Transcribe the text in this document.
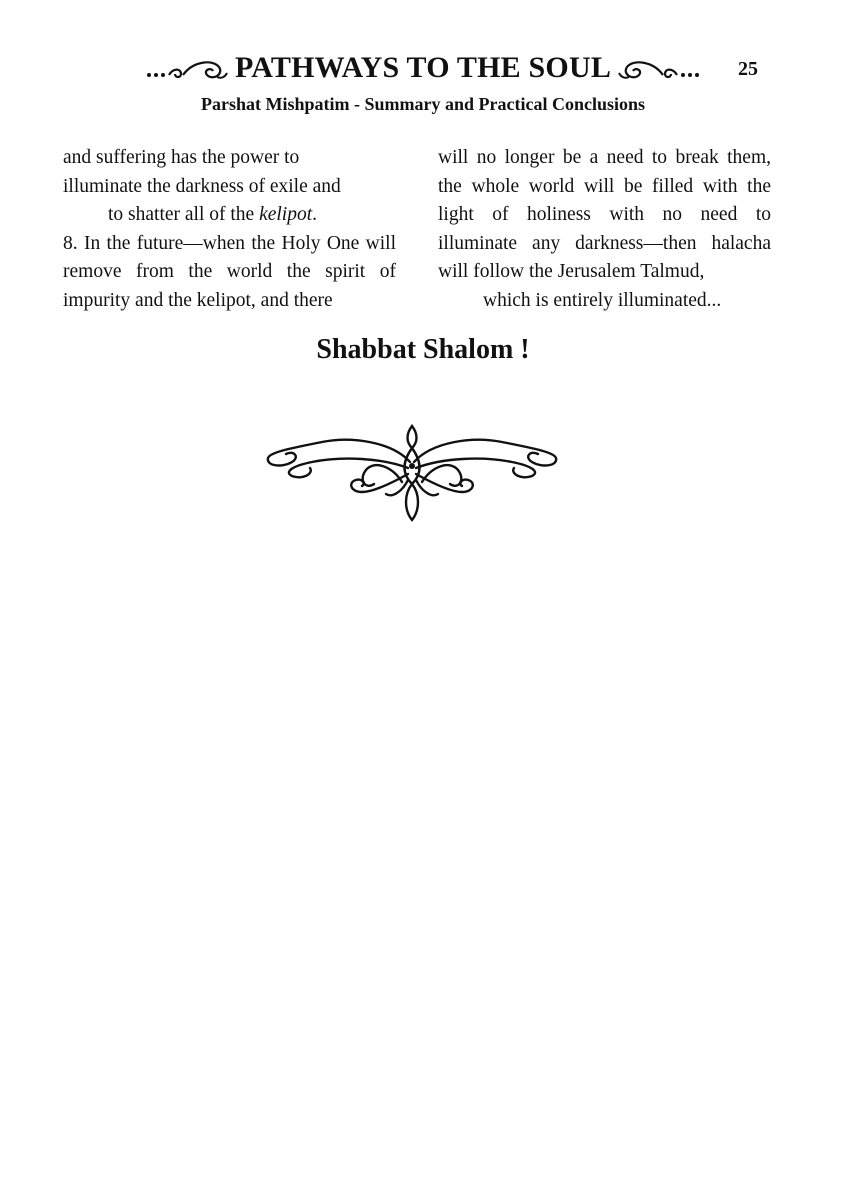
PATHWAYS TO THE SOUL	25
Parshat Mishpatim - Summary and Practical Conclusions

and suffering has the power to

illuminate the darkness of exile and

to shatter all of the kelipot.

8. In the future—when the Holy One will remove from the world the spirit of impurity and the kelipot, and there

will no longer be a need to break them, the whole world will be filled with the light of holiness with no need to illuminate any darkness—then halacha will follow the Jerusalem Talmud,

which is entirely illuminated...

Shabbat Shalom !
